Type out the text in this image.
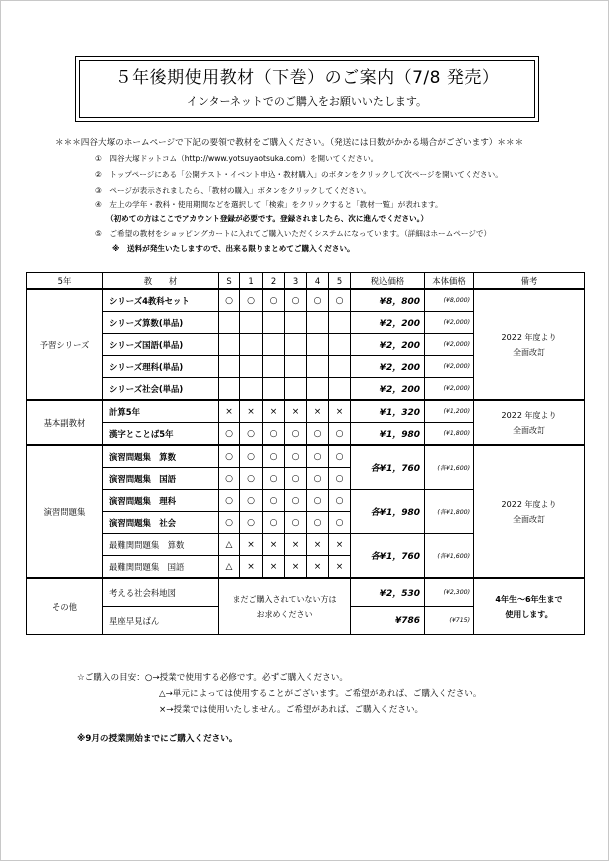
５年後期使用教材（下巻）のご案内（7/8 発売）
インターネットでのご購入をお願いいたします。
＊＊＊四谷大塚のホームページで下記の要領で教材をご購入ください。（発送には日数がかかる場合がございます）＊＊＊
①　四谷大塚ドットコム（http://www.yotsuyaotsuka.com）を開いてください。
②　トップページにある「公開テスト・イベント申込・教材購入」のボタンをクリックして次ページを開いてください。
③　ページが表示されましたら、「教材の購入」ボタンをクリックしてください。
④　左上の学年・教科・使用期間などを選択して「検索」をクリックすると「教材一覧」が表れます。
（初めての方はここでアカウント登録が必要です。登録されましたら、次に進んでください。）
⑤　ご希望の教材をショッピングカートに入れてご購入いただくシステムになっています。（詳細はホームページで）
※　送料が発生いたしますので、出来る限りまとめてご購入ください。
5年	教　　材	S	1	2	3	4	5	税込価格	本体価格	備考
予習シリーズ	シリーズ4教科セット	○	○	○	○	○	○	¥8，800	(¥8,000)	2022 年度より
全面改訂
	シリーズ算数(単品)							¥2，200	(¥2,000)	
	シリーズ国語(単品)							¥2，200	(¥2,000)	
	シリーズ理科(単品)							¥2，200	(¥2,000)	
	シリーズ社会(単品)							¥2，200	(¥2,000)	
基本副教材	計算5年	×	×	×	×	×	×	¥1，320	(¥1,200)	2022 年度より
全面改訂
	漢字とことば5年	○	○	○	○	○	○	¥1，980	(¥1,800)	
演習問題集	演習問題集　算数	○	○	○	○	○	○	各¥1，760	(各¥1,600)	2022 年度より
全面改訂
	演習問題集　国語	○	○	○	○	○	○			
	演習問題集　理科	○	○	○	○	○	○	各¥1，980	(各¥1,800)	
	演習問題集　社会	○	○	○	○	○	○			
	最難関問題集　算数	△	×	×	×	×	×	各¥1，760	(各¥1,600)	
	最難関問題集　国語	△	×	×	×	×	×			
その他	考える社会科地図	まだご購入されていない方は
お求めください						¥2，530	(¥2,300)	4年生～6年生まで
使用します。
	星座早見ばん							¥786	(¥715)	
☆ご購入の目安：○→授業で使用する必修です。必ずご購入ください。
△→単元によっては使用することがございます。ご希望があれば、ご購入ください。
×→授業では使用いたしません。ご希望があれば、ご購入ください。
※9月の授業開始までにご購入ください。
